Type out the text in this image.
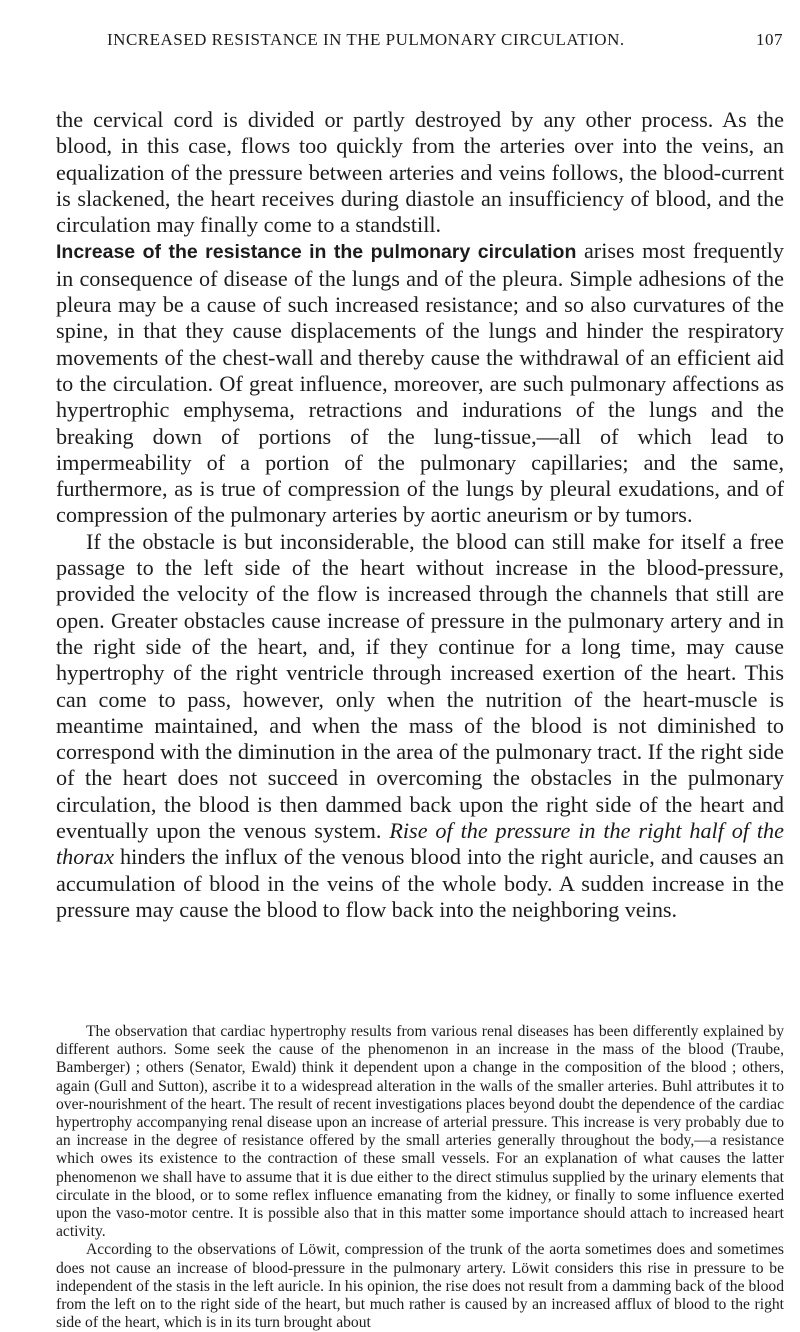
INCREASED RESISTANCE IN THE PULMONARY CIRCULATION.	107

the cervical cord is divided or partly destroyed by any other process. As the blood, in this case, flows too quickly from the arteries over into the veins, an equalization of the pressure between arteries and veins follows, the blood-current is slackened, the heart receives during diastole an insufficiency of blood, and the circulation may finally come to a standstill.

Increase of the resistance in the pulmonary circulation arises most frequently in consequence of disease of the lungs and of the pleura. Simple adhesions of the pleura may be a cause of such increased resistance; and so also curvatures of the spine, in that they cause displacements of the lungs and hinder the respiratory movements of the chest-wall and thereby cause the withdrawal of an efficient aid to the circulation. Of great influence, moreover, are such pulmonary affections as hypertrophic emphysema, retractions and indurations of the lungs and the breaking down of portions of the lung-tissue,—all of which lead to impermeability of a portion of the pulmonary capillaries; and the same, furthermore, as is true of compression of the lungs by pleural exudations, and of compression of the pulmonary arteries by aortic aneurism or by tumors.

If the obstacle is but inconsiderable, the blood can still make for itself a free passage to the left side of the heart without increase in the blood-pressure, provided the velocity of the flow is increased through the channels that still are open. Greater obstacles cause increase of pressure in the pulmonary artery and in the right side of the heart, and, if they continue for a long time, may cause hypertrophy of the right ventricle through increased exertion of the heart. This can come to pass, however, only when the nutrition of the heart-muscle is meantime maintained, and when the mass of the blood is not diminished to correspond with the diminution in the area of the pulmonary tract. If the right side of the heart does not succeed in overcoming the obstacles in the pulmonary circulation, the blood is then dammed back upon the right side of the heart and eventually upon the venous system. Rise of the pressure in the right half of the thorax hinders the influx of the venous blood into the right auricle, and causes an accumulation of blood in the veins of the whole body. A sudden increase in the pressure may cause the blood to flow back into the neighboring veins.

The observation that cardiac hypertrophy results from various renal diseases has been differently explained by different authors. Some seek the cause of the phenomenon in an increase in the mass of the blood (Traube, Bamberger) ; others (Senator, Ewald) think it dependent upon a change in the composition of the blood ; others, again (Gull and Sutton), ascribe it to a widespread alteration in the walls of the smaller arteries. Buhl attributes it to over-nourishment of the heart. The result of recent investigations places beyond doubt the dependence of the cardiac hypertrophy accompanying renal disease upon an increase of arterial pressure. This increase is very probably due to an increase in the degree of resistance offered by the small arteries generally throughout the body,—a resistance which owes its existence to the contraction of these small vessels. For an explanation of what causes the latter phenomenon we shall have to assume that it is due either to the direct stimulus supplied by the urinary elements that circulate in the blood, or to some reflex influence emanating from the kidney, or finally to some influence exerted upon the vaso-motor centre. It is possible also that in this matter some importance should attach to increased heart activity.

According to the observations of Löwit, compression of the trunk of the aorta sometimes does and sometimes does not cause an increase of blood-pressure in the pulmonary artery. Löwit considers this rise in pressure to be independent of the stasis in the left auricle. In his opinion, the rise does not result from a damming back of the blood from the left on to the right side of the heart, but much rather is caused by an increased afflux of blood to the right side of the heart, which is in its turn brought about
